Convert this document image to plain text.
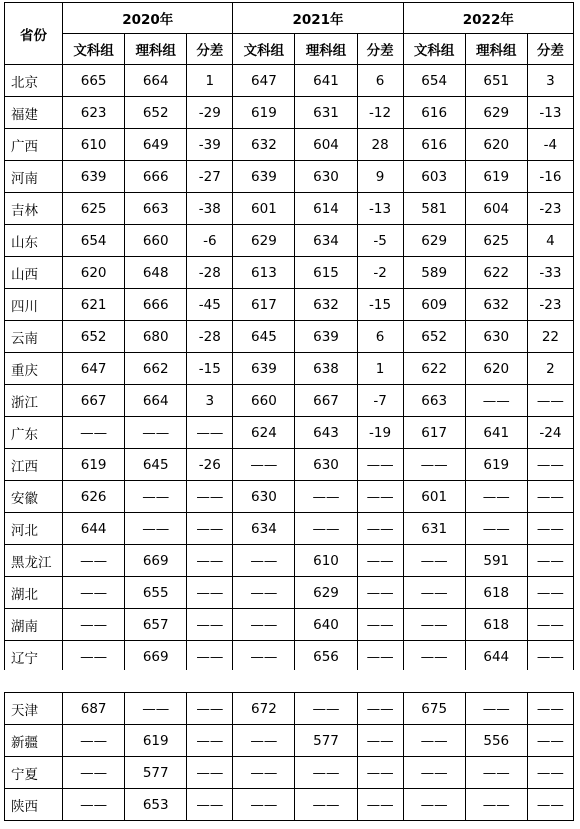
省份	2020年			2021年			2022年		
	文科组	理科组	分差	文科组	理科组	分差	文科组	理科组	分差
北京	665	664	1	647	641	6	654	651	3
福建	623	652	-29	619	631	-12	616	629	-13
广西	610	649	-39	632	604	28	616	620	-4
河南	639	666	-27	639	630	9	603	619	-16
吉林	625	663	-38	601	614	-13	581	604	-23
山东	654	660	-6	629	634	-5	629	625	4
山西	620	648	-28	613	615	-2	589	622	-33
四川	621	666	-45	617	632	-15	609	632	-23
云南	652	680	-28	645	639	6	652	630	22
重庆	647	662	-15	639	638	1	622	620	2
浙江	667	664	3	660	667	-7	663	——	——
广东	——	——	——	624	643	-19	617	641	-24
江西	619	645	-26	——	630	——	——	619	——
安徽	626	——	——	630	——	——	601	——	——
河北	644	——	——	634	——	——	631	——	——
黑龙江	——	669	——	——	610	——	——	591	——
湖北	——	655	——	——	629	——	——	618	——
湖南	——	657	——	——	640	——	——	618	——
辽宁	——	669	——	——	656	——	——	644	——
天津	687	——	——	672	——	——	675	——	——
新疆	——	619	——	——	577	——	——	556	——
宁夏	——	577	——	——	——	——	——	——	——
陕西	——	653	——	——	——	——	——	——	——
